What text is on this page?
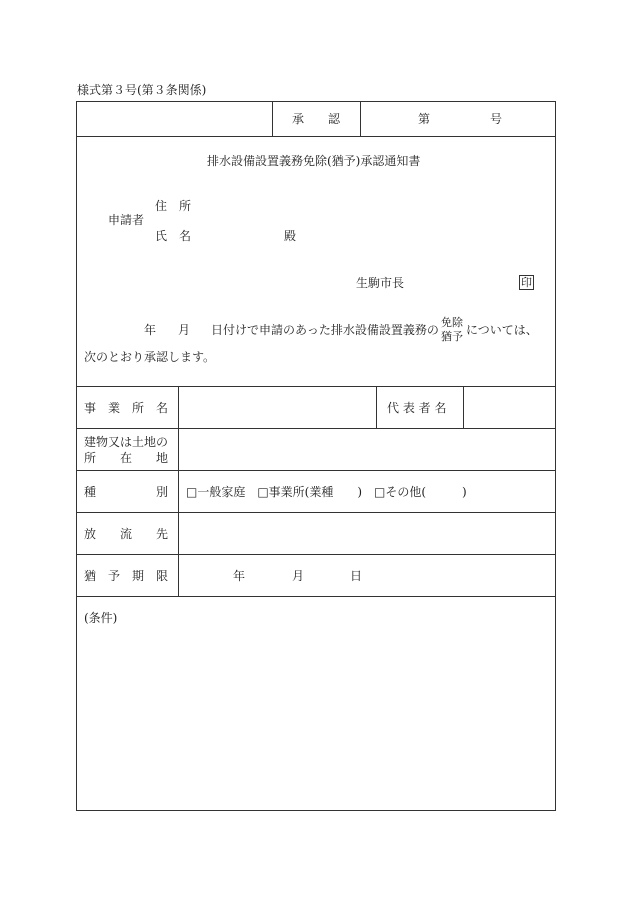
様式第３号(第３条関係)
承　　認	第	号
排水設備設置義務免除(猶予)承認通知書
申請者
住　所
氏　名	殿
生駒市長	印
年 月 日付けで申請のあった排水設備設置義務の
免除
猶予 については、
次のとおり承認します。
事　業　所　名	代 表 者 名
建物又は土地の
所　　在　　地
種　　　　　別 □一般家庭　□事業所(業種　　)　□その他(　　　)
放　　流　　先
猶　予　期　限	年	月	日
(条件)
